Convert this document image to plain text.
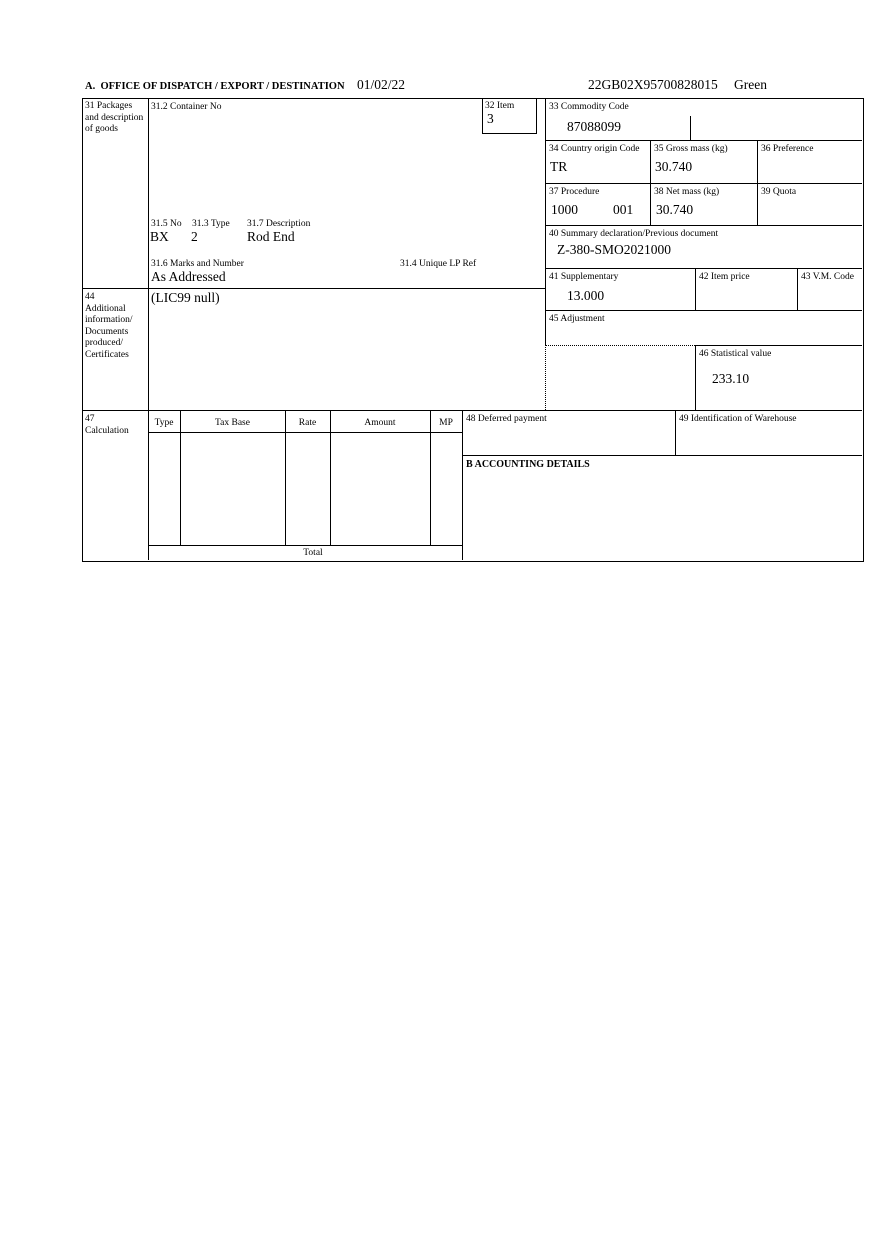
A.  OFFICE OF DISPATCH / EXPORT / DESTINATION 01/02/22	22GB02X95700828015 Green
31 Packages and description of goods
44
Additional information/ Documents produced/ Certificates
47
Calculation
31.2 Container No	32 Item
3
31.5 No 31.3 Type 31.7 Description
BX 2	Rod End
31.6 Marks and Number	31.4 Unique LP Ref
As Addressed
33 Commodity Code
87088099
34 Country origin Code
TR
35 Gross mass (kg)
30.740
36 Preference
37 Procedure
1000	001
38 Net mass (kg)
30.740
39 Quota
40 Summary declaration/Previous document
Z-380-SMO2021000
41 Supplementary
13.000
42 Item price	43 V.M. Code
(LIC99 null)
45 Adjustment
46 Statistical value
233.10
Type	Tax Base	Rate	Amount	MP
Total
48 Deferred payment	49 Identification of Warehouse
B ACCOUNTING DETAILS
